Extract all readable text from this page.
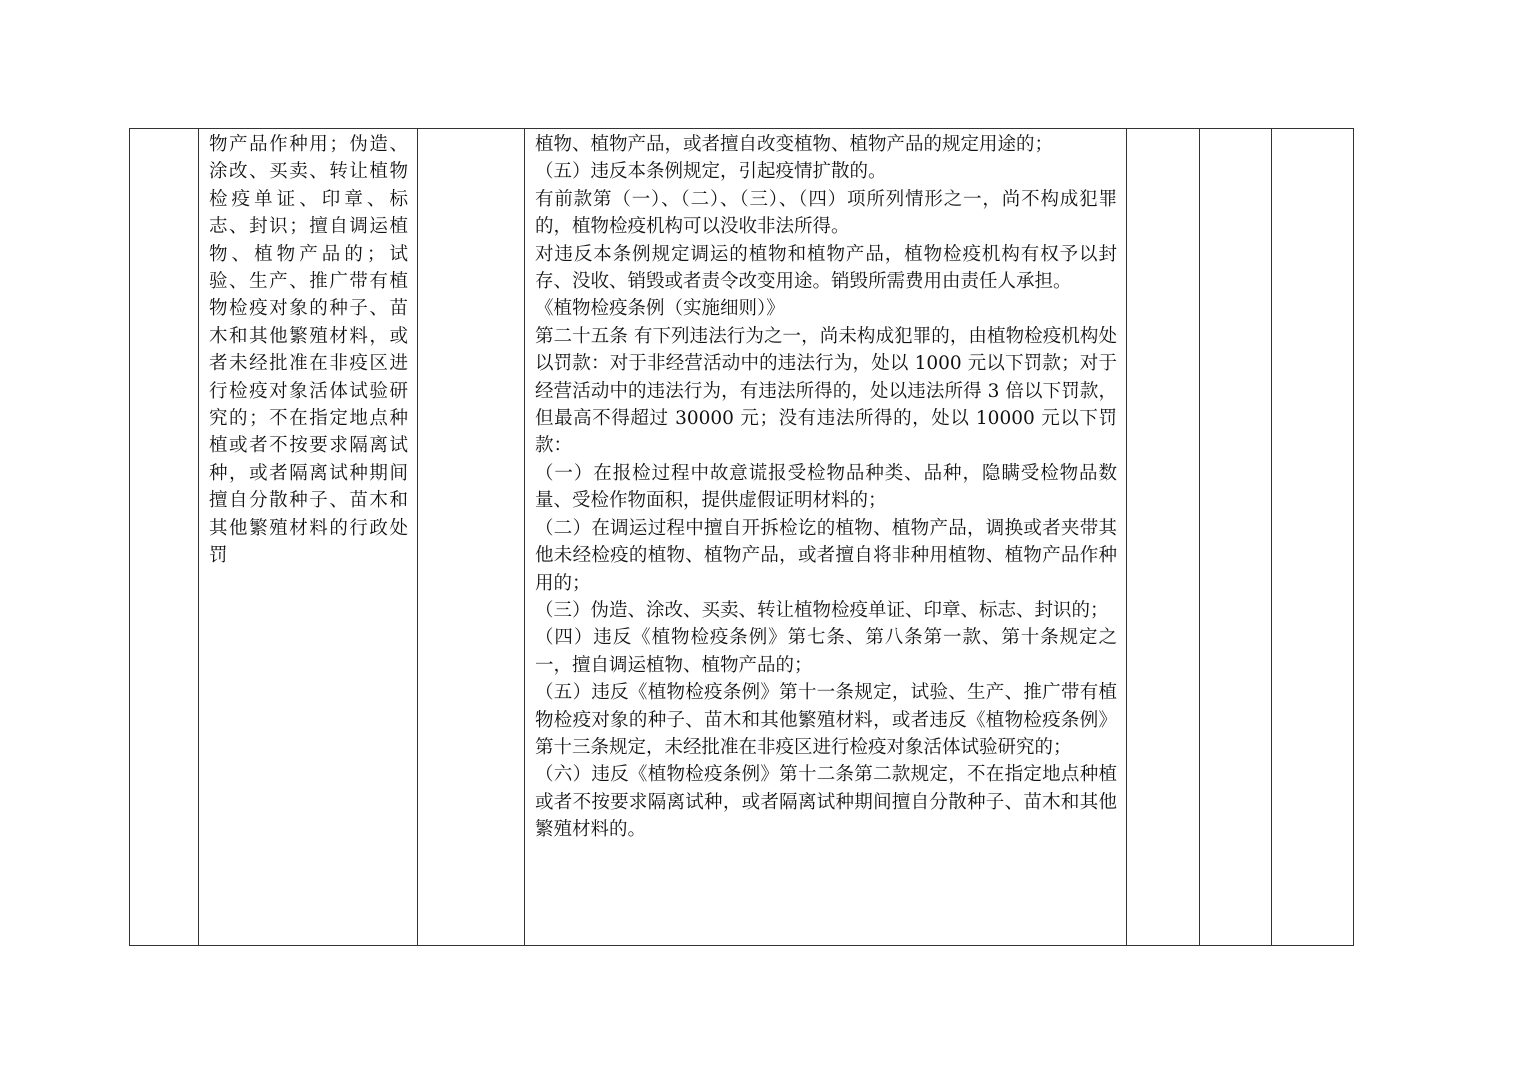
物产品作种用；伪造、涂改、买卖、转让植物检疫单证、印章、标志、封识；擅自调运植物、植物产品的；试验、生产、推广带有植物检疫对象的种子、苗木和其他繁殖材料，或者未经批准在非疫区进行检疫对象活体试验研究的；不在指定地点种植或者不按要求隔离试种，或者隔离试种期间擅自分散种子、苗木和其他繁殖材料的行政处罚

植物、植物产品，或者擅自改变植物、植物产品的规定用途的；
（五）违反本条例规定，引起疫情扩散的。
有前款第（一）、（二）、（三）、（四）项所列情形之一，尚不构成犯罪的，植物检疫机构可以没收非法所得。
对违反本条例规定调运的植物和植物产品，植物检疫机构有权予以封存、没收、销毁或者责令改变用途。销毁所需费用由责任人承担。
《植物检疫条例（实施细则）》
第二十五条 有下列违法行为之一，尚未构成犯罪的，由植物检疫机构处以罚款：对于非经营活动中的违法行为，处以 1000 元以下罚款；对于经营活动中的违法行为，有违法所得的，处以违法所得 3 倍以下罚款，但最高不得超过 30000 元；没有违法所得的，处以 10000 元以下罚款：
（一）在报检过程中故意谎报受检物品种类、品种，隐瞒受检物品数量、受检作物面积，提供虚假证明材料的；
（二）在调运过程中擅自开拆检讫的植物、植物产品，调换或者夹带其他未经检疫的植物、植物产品，或者擅自将非种用植物、植物产品作种用的；
（三）伪造、涂改、买卖、转让植物检疫单证、印章、标志、封识的；
（四）违反《植物检疫条例》第七条、第八条第一款、第十条规定之一，擅自调运植物、植物产品的；
（五）违反《植物检疫条例》第十一条规定，试验、生产、推广带有植物检疫对象的种子、苗木和其他繁殖材料，或者违反《植物检疫条例》第十三条规定，未经批准在非疫区进行检疫对象活体试验研究的；
（六）违反《植物检疫条例》第十二条第二款规定，不在指定地点种植或者不按要求隔离试种，或者隔离试种期间擅自分散种子、苗木和其他繁殖材料的。
